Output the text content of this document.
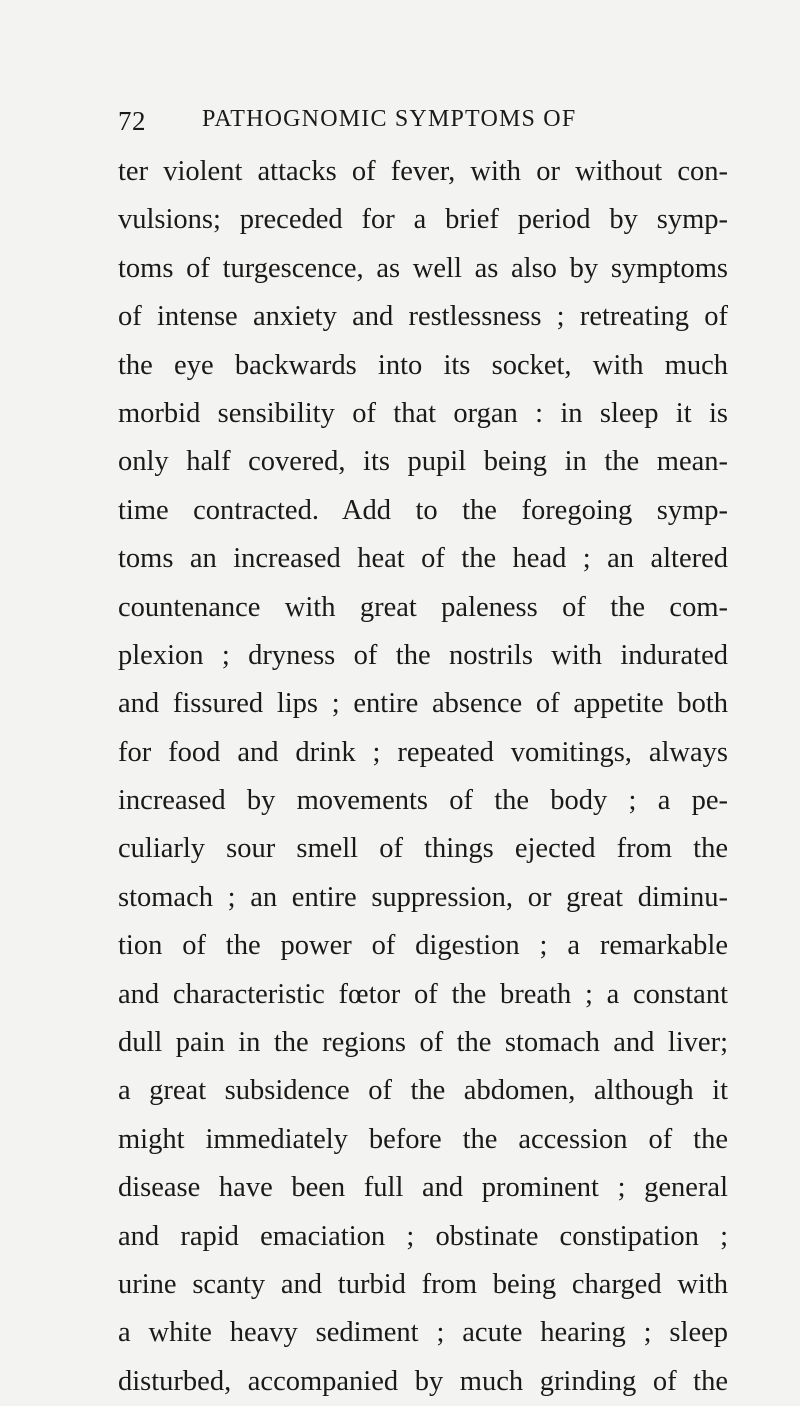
72 PATHOGNOMIC SYMPTOMS OF
ter violent attacks of fever, with or without con-
vulsions; preceded for a brief period by symp-
toms of turgescence, as well as also by symptoms
of intense anxiety and restlessness ; retreating of
the eye backwards into its socket, with much
morbid sensibility of that organ : in sleep it is
only half covered, its pupil being in the mean-
time contracted. Add to the foregoing symp-
toms an increased heat of the head ; an altered
countenance with great paleness of the com-
plexion ; dryness of the nostrils with indurated
and fissured lips ; entire absence of appetite both
for food and drink ; repeated vomitings, always
increased by movements of the body ; a pe-
culiarly sour smell of things ejected from the
stomach ; an entire suppression, or great diminu-
tion of the power of digestion ; a remarkable
and characteristic fœtor of the breath ; a constant
dull pain in the regions of the stomach and liver;
a great subsidence of the abdomen, although it
might immediately before the accession of the
disease have been full and prominent ; general
and rapid emaciation ; obstinate constipation ;
urine scanty and turbid from being charged with
a white heavy sediment ; acute hearing ; sleep
disturbed, accompanied by much grinding of the
